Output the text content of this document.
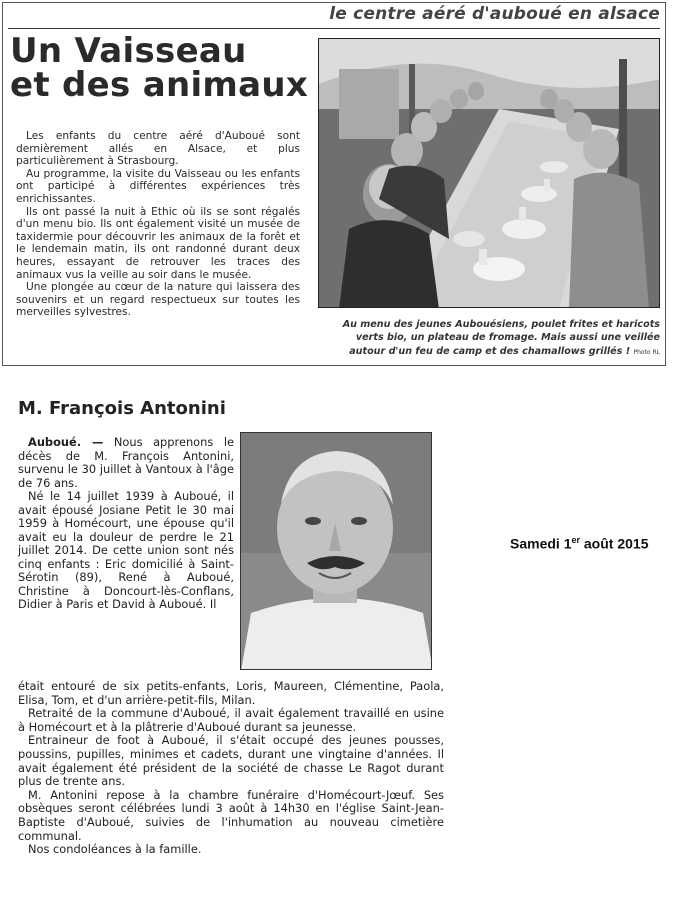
le centre aéré d'auboué en alsace
Un Vaisseau
et des animaux

Les enfants du centre aéré d'Auboué sont dernièrement allés en Alsace, et plus particulièrement à Strasbourg.

Au programme, la visite du Vaisseau ou les enfants ont participé à différentes expériences très enrichissantes.

Ils ont passé la nuit à Ethic où ils se sont régalés d'un menu bio. Ils ont également visité un musée de taxidermie pour découvrir les animaux de la forêt et le lendemain matin, ils ont randonné durant deux heures, essayant de retrouver les traces des animaux vus la veille au soir dans le musée.

Une plongée au cœur de la nature qui laissera des souvenirs et un regard respectueux sur toutes les merveilles sylvestres.

Au menu des jeunes Aubouésiens, poulet frites et haricots verts bio, un plateau de fromage. Mais aussi une veillée autour d'un feu de camp et des chamallows grillés ! Photo RL
M. François Antonini

Auboué. — Nous apprenons le décès de M. François Antonini, survenu le 30 juillet à Vantoux à l'âge de 76 ans.

Né le 14 juillet 1939 à Auboué, il avait épousé Josiane Petit le 30 mai 1959 à Homécourt, une épouse qu'il avait eu la douleur de perdre le 21 juillet 2014. De cette union sont nés cinq enfants : Eric domicilié à Saint-Sérotin (89), René à Auboué, Christine à Doncourt-lès-Conflans, Didier à Paris et David à Auboué. Il

était entouré de six petits-enfants, Loris, Maureen, Clémentine, Paola, Elisa, Tom, et d'un arrière-petit-fils, Milan.

Retraité de la commune d'Auboué, il avait également travaillé en usine à Homécourt et à la plâtrerie d'Auboué durant sa jeunesse.

Entraineur de foot à Auboué, il s'était occupé des jeunes pousses, poussins, pupilles, minimes et cadets, durant une vingtaine d'années. Il avait également été président de la société de chasse Le Ragot durant plus de trente ans.

M. Antonini repose à la chambre funéraire d'Homécourt-Jœuf. Ses obsèques seront célébrées lundi 3 août à 14h30 en l'église Saint-Jean-Baptiste d'Auboué, suivies de l'inhumation au nouveau cimetière communal.

Nos condoléances à la famille.

Samedi 1er août 2015
